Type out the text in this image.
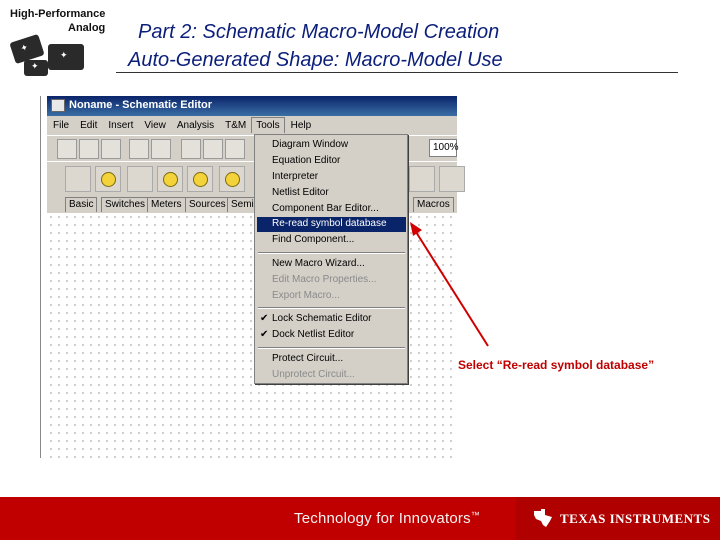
High-Performance
Analog
✦
✦
✦
Part 2: Schematic Macro-Model Creation
Auto-Generated Shape: Macro-Model Use
Noname - Schematic Editor
File Edit Insert View Analysis T&M Tools Help
100%
Basic	Switches Meters Sources Semi	Macros
Diagram Window
Equation Editor
Interpreter
Netlist Editor
Component Bar Editor...
Re-read symbol database
Find Component...
New Macro Wizard...
Edit Macro Properties...
Export Macro...
✔ Lock Schematic Editor
✔ Dock Netlist Editor
Protect Circuit...
Unprotect Circuit...
Select “Re-read symbol database”
Technology for Innovators™	TEXAS INSTRUMENTS
